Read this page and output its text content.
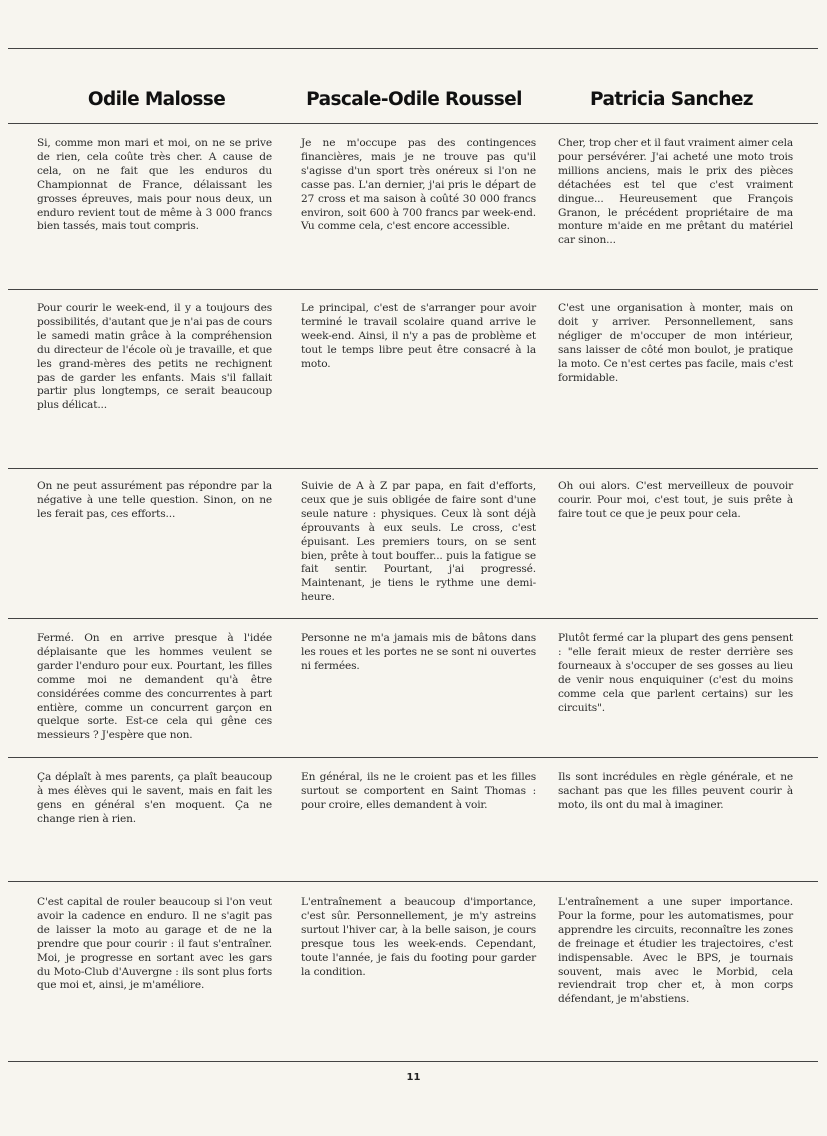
Odile Malosse	Pascale-Odile Roussel	Patricia Sanchez

Si, comme mon mari et moi, on ne se prive de rien, cela coûte très cher. A cause de cela, on ne fait que les enduros du Championnat de France, délaissant les grosses épreuves, mais pour nous deux, un enduro revient tout de même à 3 000 francs bien tassés, mais tout compris.

Je ne m'occupe pas des contingences financières, mais je ne trouve pas qu'il s'agisse d'un sport très onéreux si l'on ne casse pas. L'an dernier, j'ai pris le départ de 27 cross et ma saison à coûté 30 000 francs environ, soit 600 à 700 francs par week-end. Vu comme cela, c'est encore accessible.

Cher, trop cher et il faut vraiment aimer cela pour persévérer. J'ai acheté une moto trois millions anciens, mais le prix des pièces détachées est tel que c'est vraiment dingue... Heureusement que François Granon, le précédent propriétaire de ma monture m'aide en me prêtant du matériel car sinon...

Pour courir le week-end, il y a toujours des possibilités, d'autant que je n'ai pas de cours le samedi matin grâce à la compréhension du directeur de l'école où je travaille, et que les grand-mères des petits ne rechignent pas de garder les enfants. Mais s'il fallait partir plus longtemps, ce serait beaucoup plus délicat...

Le principal, c'est de s'arranger pour avoir terminé le travail scolaire quand arrive le week-end. Ainsi, il n'y a pas de problème et tout le temps libre peut être consacré à la moto.

C'est une organisation à monter, mais on doit y arriver. Personnellement, sans négliger de m'occuper de mon intérieur, sans laisser de côté mon boulot, je pratique la moto. Ce n'est certes pas facile, mais c'est formidable.

On ne peut assurément pas répondre par la négative à une telle question. Sinon, on ne les ferait pas, ces efforts...

Suivie de A à Z par papa, en fait d'efforts, ceux que je suis obligée de faire sont d'une seule nature : physiques. Ceux là sont déjà éprouvants à eux seuls. Le cross, c'est épuisant. Les premiers tours, on se sent bien, prête à tout bouffer... puis la fatigue se fait sentir. Pourtant, j'ai progressé. Maintenant, je tiens le rythme une demi-heure.

Oh oui alors. C'est merveilleux de pouvoir courir. Pour moi, c'est tout, je suis prête à faire tout ce que je peux pour cela.

Fermé. On en arrive presque à l'idée déplaisante que les hommes veulent se garder l'enduro pour eux. Pourtant, les filles comme moi ne demandent qu'à être considérées comme des concurrentes à part entière, comme un concurrent garçon en quelque sorte. Est-ce cela qui gêne ces messieurs ? J'espère que non.

Personne ne m'a jamais mis de bâtons dans les roues et les portes ne se sont ni ouvertes ni fermées.

Plutôt fermé car la plupart des gens pensent : "elle ferait mieux de rester derrière ses fourneaux à s'occuper de ses gosses au lieu de venir nous enquiquiner (c'est du moins comme cela que parlent certains) sur les circuits".

Ça déplaît à mes parents, ça plaît beaucoup à mes élèves qui le savent, mais en fait les gens en général s'en moquent. Ça ne change rien à rien.

En général, ils ne le croient pas et les filles surtout se comportent en Saint Thomas : pour croire, elles demandent à voir.

Ils sont incrédules en règle générale, et ne sachant pas que les filles peuvent courir à moto, ils ont du mal à imaginer.

C'est capital de rouler beaucoup si l'on veut avoir la cadence en enduro. Il ne s'agit pas de laisser la moto au garage et de ne la prendre que pour courir : il faut s'entraîner. Moi, je progresse en sortant avec les gars du Moto-Club d'Auvergne : ils sont plus forts que moi et, ainsi, je m'améliore.

L'entraînement a beaucoup d'importance, c'est sûr. Personnellement, je m'y astreins surtout l'hiver car, à la belle saison, je cours presque tous les week-ends. Cependant, toute l'année, je fais du footing pour garder la condition.

L'entraînement a une super importance. Pour la forme, pour les automatismes, pour apprendre les circuits, reconnaître les zones de freinage et étudier les trajectoires, c'est indispensable. Avec le BPS, je tournais souvent, mais avec le Morbid, cela reviendrait trop cher et, à mon corps défendant, je m'abstiens.

11
